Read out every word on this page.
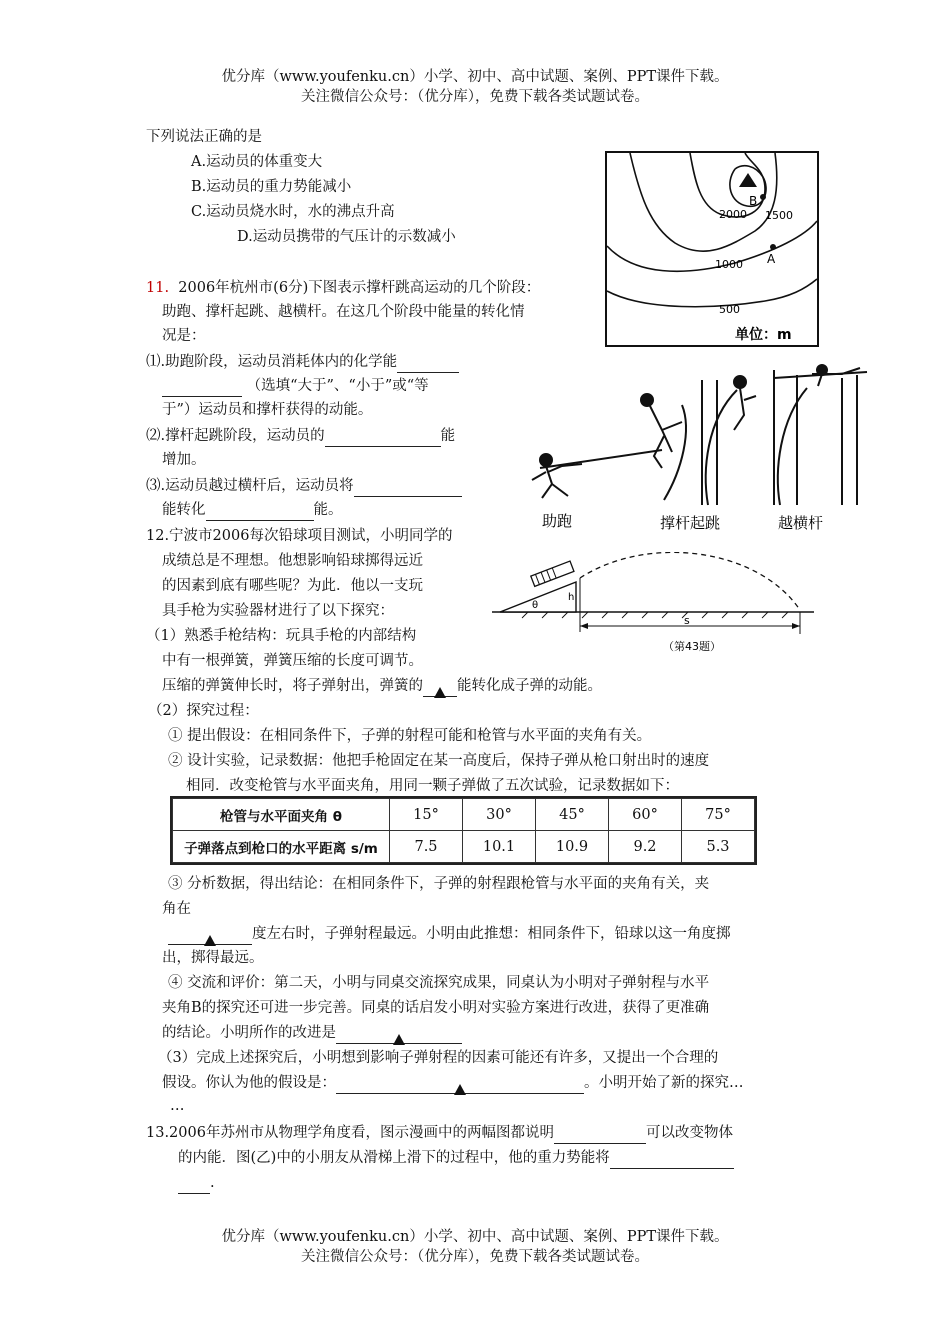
优分库（www.youfenku.cn）小学、初中、高中试题、案例、PPT课件下载。
关注微信公众号：（优分库），免费下载各类试题试卷。
下列说法正确的是
A.运动员的体重变大
B.运动员的重力势能减小
C.运动员烧水时，水的沸点升高
D.运动员携带的气压计的示数减小
B
2000 1500
1000 A
500
单位：m
11. 2006年杭州市(6分)下图表示撑杆跳高运动的几个阶段：
助跑、撑杆起跳、越横杆。在这几个阶段中能量的转化情
况是：
⑴.助跑阶段，运动员消耗体内的化学能
（选填“大于”、“小于”或“等
于”）运动员和撑杆获得的动能。
⑵.撑杆起跳阶段，运动员的	能
增加。
⑶.运动员越过横杆后，运动员将
能转化	能。
助跑	撑杆起跳	越横杆
θ
h
s
（第43题）
12.宁波市2006每次铅球项目测试，小明同学的
成绩总是不理想。他想影响铅球掷得远近
的因素到底有哪些呢？为此．他以一支玩
具手枪为实验器材进行了以下探究：
（1）熟悉手枪结构：玩具手枪的内部结构
中有一根弹簧，弹簧压缩的长度可调节。
压缩的弹簧伸长时，将子弹射出，弹簧的 能转化成子弹的动能。
（2）探究过程：
① 提出假设：在相同条件下，子弹的射程可能和枪管与水平面的夹角有关。
② 设计实验，记录数据：他把手枪固定在某一高度后，保持子弹从枪口射出时的速度
相同．改变枪管与水平面夹角，用同一颗子弹做了五次试验，记录数据如下：
枪管与水平面夹角 θ	15°	30°	45°	60°	75°
子弹落点到枪口的水平距离 s/m	7.5	10.1	10.9	9.2	5.3
③ 分析数据，得出结论：在相同条件下，子弹的射程跟枪管与水平面的夹角有关，夹
角在
度左右时，子弹射程最远。小明由此推想：相同条件下，铅球以这一角度掷
出，掷得最远。
④ 交流和评价：第二天，小明与同桌交流探究成果，同桌认为小明对子弹射程与水平
夹角B的探究还可进一步完善。同桌的话启发小明对实验方案进行改进，获得了更准确
的结论。小明所作的改进是
（3）完成上述探究后，小明想到影响子弹射程的因素可能还有许多，又提出一个合理的
假设。你认为他的假设是：	。小明开始了新的探究…
…
13.2006年苏州市从物理学角度看，图示漫画中的两幅图都说明	可以改变物体
的内能．图(乙)中的小朋友从滑梯上滑下的过程中，他的重力势能将
.
优分库（www.youfenku.cn）小学、初中、高中试题、案例、PPT课件下载。
关注微信公众号：（优分库），免费下载各类试题试卷。
